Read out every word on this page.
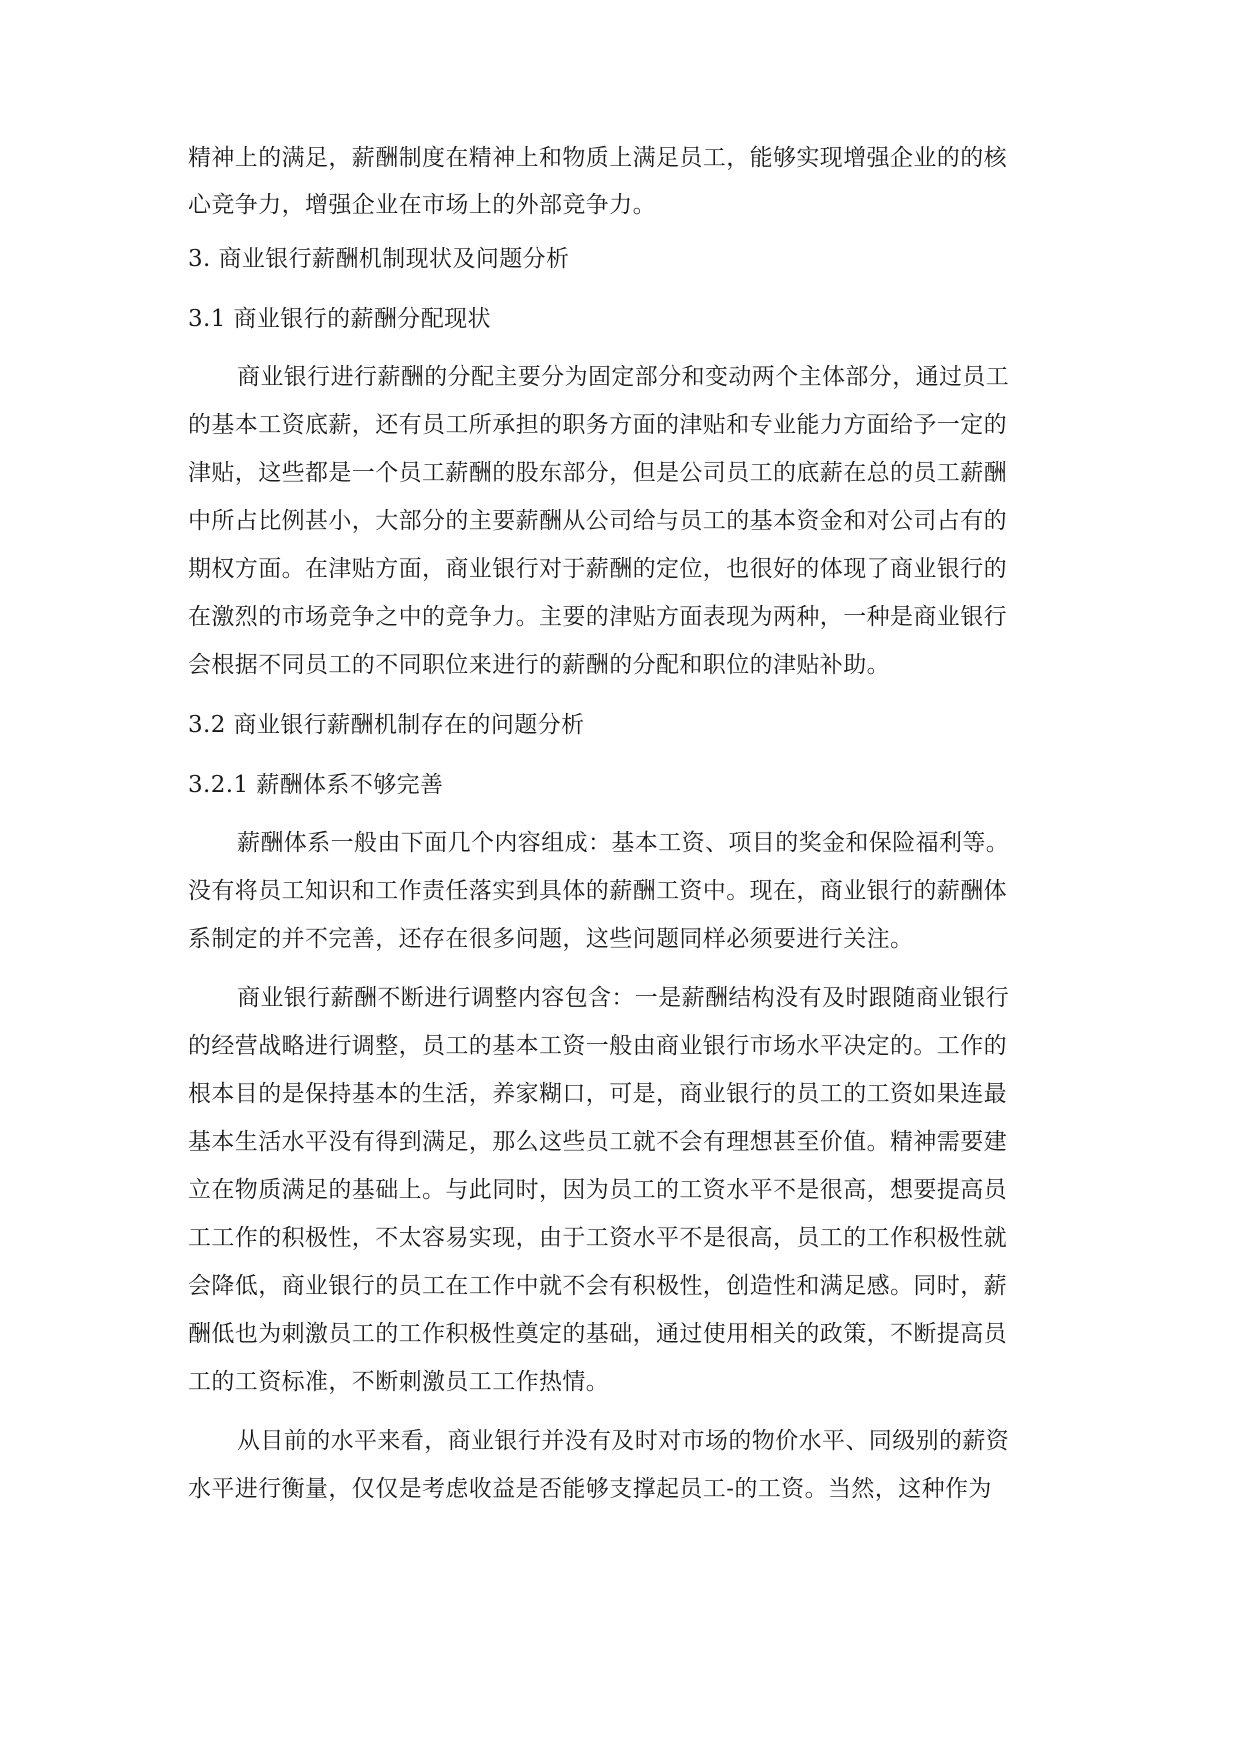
精神上的满足，薪酬制度在精神上和物质上满足员工，能够实现增强企业的的核
心竞争力，增强企业在市场上的外部竞争力。
3. 商业银行薪酬机制现状及问题分析
3.1 商业银行的薪酬分配现状
商业银行进行薪酬的分配主要分为固定部分和变动两个主体部分，通过员工
的基本工资底薪，还有员工所承担的职务方面的津贴和专业能力方面给予一定的
津贴，这些都是一个员工薪酬的股东部分，但是公司员工的底薪在总的员工薪酬
中所占比例甚小，大部分的主要薪酬从公司给与员工的基本资金和对公司占有的
期权方面。在津贴方面，商业银行对于薪酬的定位，也很好的体现了商业银行的
在激烈的市场竞争之中的竞争力。主要的津贴方面表现为两种，一种是商业银行
会根据不同员工的不同职位来进行的薪酬的分配和职位的津贴补助。
3.2 商业银行薪酬机制存在的问题分析
3.2.1 薪酬体系不够完善
薪酬体系一般由下面几个内容组成：基本工资、项目的奖金和保险福利等。
没有将员工知识和工作责任落实到具体的薪酬工资中。现在，商业银行的薪酬体
系制定的并不完善，还存在很多问题，这些问题同样必须要进行关注。
商业银行薪酬不断进行调整内容包含：一是薪酬结构没有及时跟随商业银行
的经营战略进行调整，员工的基本工资一般由商业银行市场水平决定的。工作的
根本目的是保持基本的生活，养家糊口，可是，商业银行的员工的工资如果连最
基本生活水平没有得到满足，那么这些员工就不会有理想甚至价值。精神需要建
立在物质满足的基础上。与此同时，因为员工的工资水平不是很高，想要提高员
工工作的积极性，不太容易实现，由于工资水平不是很高，员工的工作积极性就
会降低，商业银行的员工在工作中就不会有积极性，创造性和满足感。同时，薪
酬低也为刺激员工的工作积极性奠定的基础，通过使用相关的政策，不断提高员
工的工资标准，不断刺激员工工作热情。
从目前的水平来看，商业银行并没有及时对市场的物价水平、同级别的薪资
水平进行衡量，仅仅是考虑收益是否能够支撑起员工-的工资。当然，这种作为
